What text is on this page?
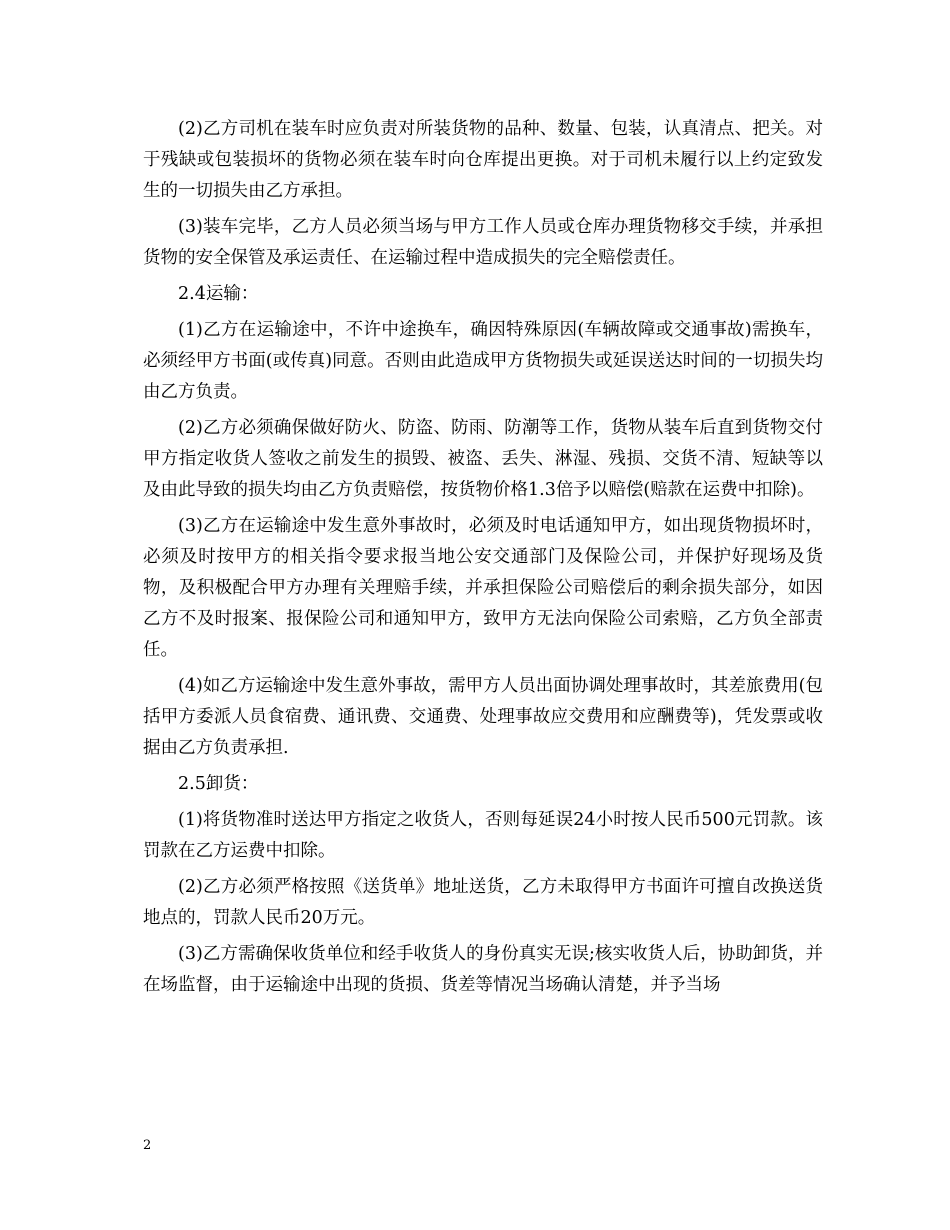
(2)乙方司机在装车时应负责对所装货物的品种、数量、包装，认真清点、把关。对于残缺或包装损坏的货物必须在装车时向仓库提出更换。对于司机未履行以上约定致发生的一切损失由乙方承担。

(3)装车完毕，乙方人员必须当场与甲方工作人员或仓库办理货物移交手续，并承担货物的安全保管及承运责任、在运输过程中造成损失的完全赔偿责任。

2.4运输：

(1)乙方在运输途中，不许中途换车，确因特殊原因(车辆故障或交通事故)需换车，必须经甲方书面(或传真)同意。否则由此造成甲方货物损失或延误送达时间的一切损失均由乙方负责。

(2)乙方必须确保做好防火、防盗、防雨、防潮等工作，货物从装车后直到货物交付甲方指定收货人签收之前发生的损毁、被盗、丢失、淋湿、残损、交货不清、短缺等以及由此导致的损失均由乙方负责赔偿，按货物价格1.3倍予以赔偿(赔款在运费中扣除)。

(3)乙方在运输途中发生意外事故时，必须及时电话通知甲方，如出现货物损坏时，必须及时按甲方的相关指令要求报当地公安交通部门及保险公司，并保护好现场及货物，及积极配合甲方办理有关理赔手续，并承担保险公司赔偿后的剩余损失部分，如因乙方不及时报案、报保险公司和通知甲方，致甲方无法向保险公司索赔，乙方负全部责任。

(4)如乙方运输途中发生意外事故，需甲方人员出面协调处理事故时，其差旅费用(包括甲方委派人员食宿费、通讯费、交通费、处理事故应交费用和应酬费等)，凭发票或收据由乙方负责承担.

2.5卸货：

(1)将货物准时送达甲方指定之收货人，否则每延误24小时按人民币500元罚款。该罚款在乙方运费中扣除。

(2)乙方必须严格按照《送货单》地址送货，乙方未取得甲方书面许可擅自改换送货地点的，罚款人民币20万元。

(3)乙方需确保收货单位和经手收货人的身份真实无误;核实收货人后，协助卸货，并在场监督，由于运输途中出现的货损、货差等情况当场确认清楚，并予当场

2
